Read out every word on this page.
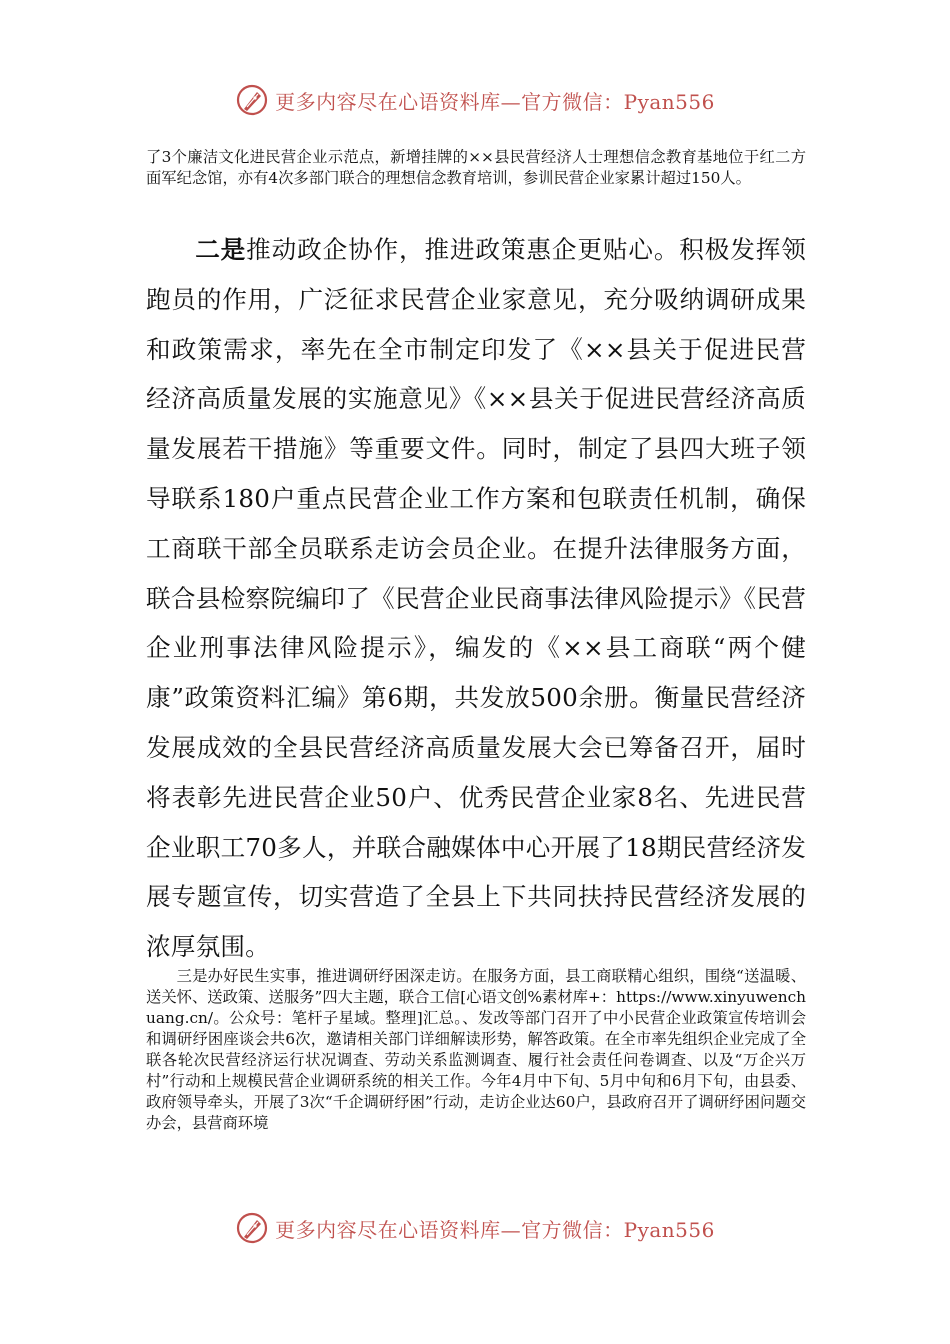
更多内容尽在心语资料库—官方微信：Pyan556

了3个廉洁文化进民营企业示范点，新增挂牌的××县民营经济人士理想信念教育基地位于红二方面军纪念馆，亦有4次多部门联合的理想信念教育培训，参训民营企业家累计超过150人。

二是推动政企协作，推进政策惠企更贴心。积极发挥领跑员的作用，广泛征求民营企业家意见，充分吸纳调研成果和政策需求，率先在全市制定印发了《××县关于促进民营经济高质量发展的实施意见》《××县关于促进民营经济高质量发展若干措施》等重要文件。同时，制定了县四大班子领导联系180户重点民营企业工作方案和包联责任机制，确保工商联干部全员联系走访会员企业。在提升法律服务方面，联合县检察院编印了《民营企业民商事法律风险提示》《民营企业刑事法律风险提示》，编发的《××县工商联“两个健康”政策资料汇编》第6期，共发放500余册。衡量民营经济发展成效的全县民营经济高质量发展大会已筹备召开，届时将表彰先进民营企业50户、优秀民营企业家8名、先进民营企业职工70多人，并联合融媒体中心开展了18期民营经济发展专题宣传，切实营造了全县上下共同扶持民营经济发展的浓厚氛围。

三是办好民生实事，推进调研纾困深走访。在服务方面，县工商联精心组织，围绕“送温暖、送关怀、送政策、送服务”四大主题，联合工信[心语文创%素材库+：https://www.xinyuwenchuang.cn/。公众号：笔杆子星域。整理]汇总。、发改等部门召开了中小民营企业政策宣传培训会和调研纾困座谈会共6次，邀请相关部门详细解读形势，解答政策。在全市率先组织企业完成了全联各轮次民营经济运行状况调查、劳动关系监测调查、履行社会责任问卷调查、以及“万企兴万村”行动和上规模民营企业调研系统的相关工作。今年4月中下旬、5月中旬和6月下旬，由县委、政府领导牵头，开展了3次“千企调研纾困”行动，走访企业达60户，县政府召开了调研纾困问题交办会，县营商环境

更多内容尽在心语资料库—官方微信：Pyan556
